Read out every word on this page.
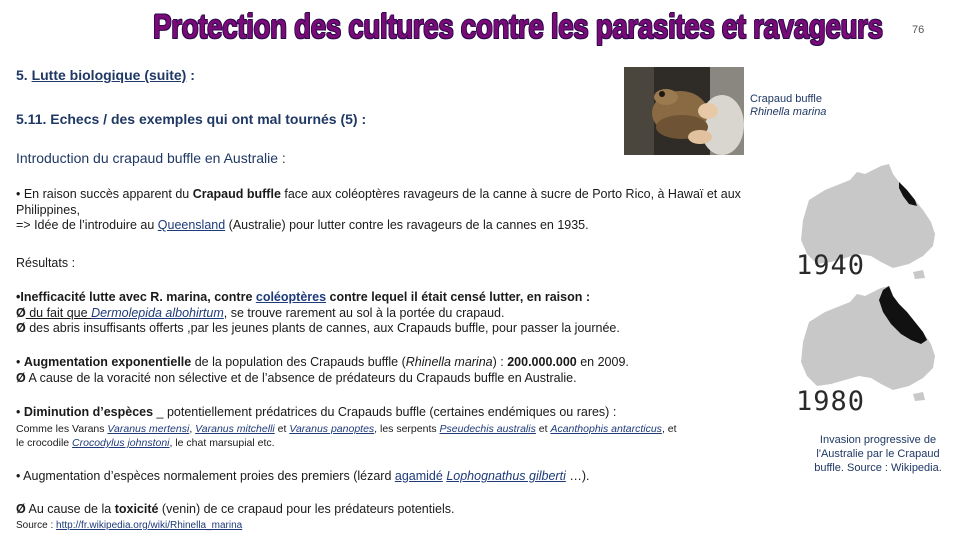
Protection des cultures contre les parasites et ravageurs	76
5. Lutte biologique (suite) :
5.11. Echecs / des exemples qui ont mal tournés (5) :
Crapaud buffle
Rhinella marina
Introduction du crapaud buffle en Australie :
• En raison succès apparent du Crapaud buffle face aux coléoptères ravageurs de la canne à sucre de Porto Rico, à Hawaï et aux Philippines,
=> Idée de l’introduire au Queensland (Australie) pour lutter contre les ravageurs de la cannes en 1935.
Résultats :
•Inefficacité lutte avec R. marina, contre coléoptères contre lequel il était censé lutter, en raison :
Ø du fait que Dermolepida albohirtum, se trouve rarement au sol à la portée du crapaud.
Ø des abris insuffisants offerts ,par les jeunes plants de cannes, aux Crapauds buffle, pour passer la journée.
• Augmentation exponentielle de la population des Crapauds buffle (Rhinella marina) : 200.000.000 en 2009.
Ø A cause de la voracité non sélective et de l’absence de prédateurs du Crapauds buffle en Australie.
• Diminution d’espèces _ potentiellement prédatrices du Crapauds buffle (certaines endémiques ou rares) :
Comme les Varans Varanus mertensi, Varanus mitchelli et Varanus panoptes, les serpents Pseudechis australis et Acanthophis antarcticus, et
le crocodile Crocodylus johnstoni, le chat marsupial etc.
• Augmentation d’espèces normalement proies des premiers (lézard agamidé Lophognathus gilberti …).
Ø Au cause de la toxicité (venin) de ce crapaud pour les prédateurs potentiels.
Source : http://fr.wikipedia.org/wiki/Rhinella_marina
1940
1980
Invasion progressive de l'Australie par le Crapaud buffle. Source : Wikipedia.
